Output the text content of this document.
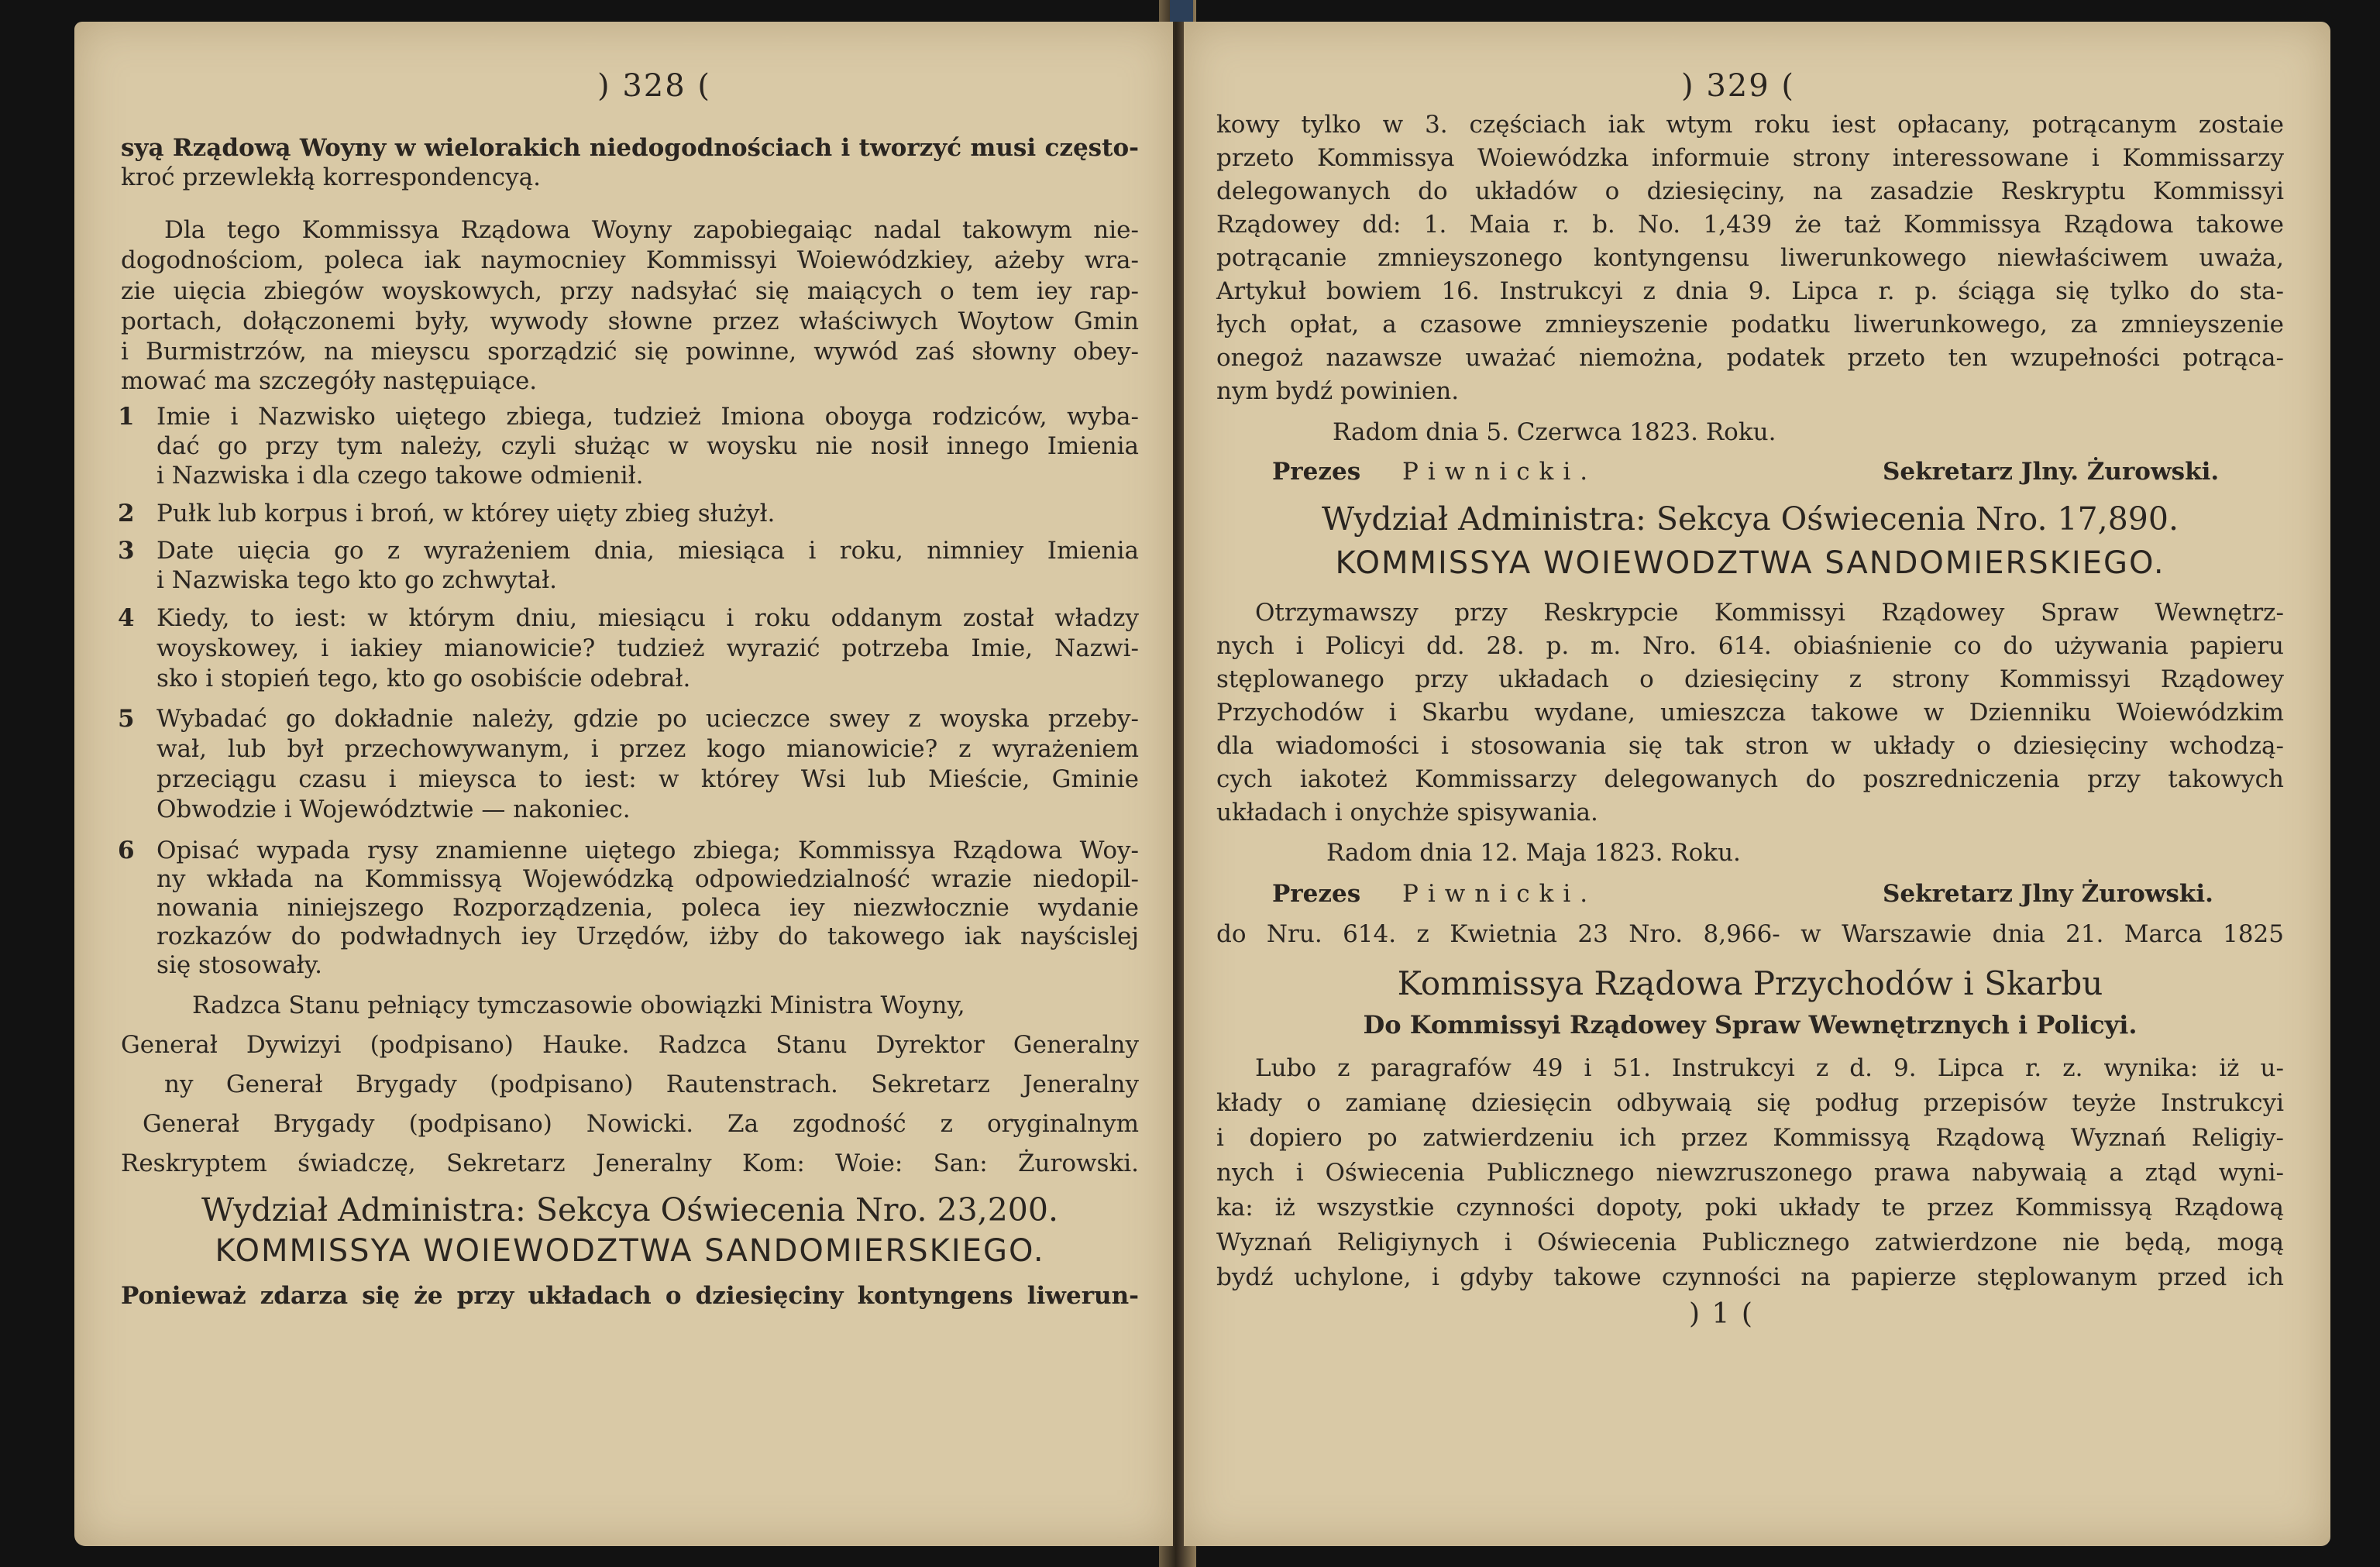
) 328 (
syą Rządową Woyny w wielorakich niedogodnościach i tworzyć musi często-
kroć przewlekłą korrespondencyą.
Dla tego Kommissya Rządowa Woyny zapobiegaiąc nadal takowym nie-
dogodnościom, poleca iak naymocniey Kommissyi Woiewódzkiey, ażeby wra-
zie uięcia zbiegów woyskowych, przy nadsyłać się maiących o tem iey rap-
portach, dołączonemi były, wywody słowne przez właściwych Woytow Gmin
i Burmistrzów, na mieyscu sporządzić się powinne, wywód zaś słowny obey-
mować ma szczegóły następuiące.
1 Imie i Nazwisko uiętego zbiega, tudzież Imiona oboyga rodziców, wyba-
dać go przy tym należy, czyli służąc w woysku nie nosił innego Imienia
i Nazwiska i dla czego takowe odmienił.
2 Pułk lub korpus i broń, w którey uięty zbieg służył.
3 Date uięcia go z wyrażeniem dnia, miesiąca i roku, nimniey Imienia
i Nazwiska tego kto go zchwytał.
4 Kiedy, to iest: w którym dniu, miesiącu i roku oddanym został władzy
woyskowey, i iakiey mianowicie? tudzież wyrazić potrzeba Imie, Nazwi-
sko i stopień tego, kto go osobiście odebrał.
5 Wybadać go dokładnie należy, gdzie po ucieczce swey z woyska przeby-
wał, lub był przechowywanym, i przez kogo mianowicie? z wyrażeniem
przeciągu czasu i mieysca to iest: w którey Wsi lub Mieście, Gminie
Obwodzie i Województwie — nakoniec.
6 Opisać wypada rysy znamienne uiętego zbiega; Kommissya Rządowa Woy-
ny wkłada na Kommissyą Wojewódzką odpowiedzialność wrazie niedopil-
nowania niniejszego Rozporządzenia, poleca iey niezwłocznie wydanie
rozkazów do podwładnych iey Urzędów, iżby do takowego iak nayścislej
się stosowały.
Radzca Stanu pełniący tymczasowie obowiązki Ministra Woyny,
Generał Dywizyi (podpisano) Hauke. Radzca Stanu Dyrektor Generalny
ny Generał Brygady (podpisano) Rautenstrach. Sekretarz Jeneralny
Generał Brygady (podpisano) Nowicki. Za zgodność z oryginalnym
Reskryptem świadczę, Sekretarz Jeneralny Kom: Woie: San: Żurowski.
Wydział Administra: Sekcya Oświecenia Nro. 23,200.
KOMMISSYA WOIEWODZTWA SANDOMIERSKIEGO.
Ponieważ zdarza się że przy układach o dziesięciny kontyngens liwerun-
) 329 (
kowy tylko w 3. częściach iak wtym roku iest opłacany, potrącanym zostaie
przeto Kommissya Woiewódzka informuie strony interessowane i Kommissarzy
delegowanych do układów o dziesięciny, na zasadzie Reskryptu Kommissyi
Rządowey dd: 1. Maia r. b. No. 1,439 że taż Kommissya Rządowa takowe
potrącanie zmnieyszonego kontyngensu liwerunkowego niewłaściwem uważa,
Artykuł bowiem 16. Instrukcyi z dnia 9. Lipca r. p. ściąga się tylko do sta-
łych opłat, a czasowe zmnieyszenie podatku liwerunkowego, za zmnieyszenie
onegoż nazawsze uważać niemożna, podatek przeto ten wzupełności potrąca-
nym bydź powinien.
Radom dnia 5. Czerwca 1823. Roku.
Prezes Piwnicki.	Sekretarz Jlny. Żurowski.
Wydział Administra: Sekcya Oświecenia Nro. 17,890.
KOMMISSYA WOIEWODZTWA SANDOMIERSKIEGO.
Otrzymawszy przy Reskrypcie Kommissyi Rządowey Spraw Wewnętrz-
nych i Policyi dd. 28. p. m. Nro. 614. obiaśnienie co do używania papieru
stęplowanego przy układach o dziesięciny z strony Kommissyi Rządowey
Przychodów i Skarbu wydane, umieszcza takowe w Dzienniku Woiewódzkim
dla wiadomości i stosowania się tak stron w układy o dziesięciny wchodzą-
cych iakoteż Kommissarzy delegowanych do poszredniczenia przy takowych
układach i onychże spisywania.
Radom dnia 12. Maja 1823. Roku.
Prezes Piwnicki.	Sekretarz Jlny Żurowski.
do Nru. 614. z Kwietnia 23 Nro. 8,966- w Warszawie dnia 21. Marca 1825
Kommissya Rządowa Przychodów i Skarbu
Do Kommissyi Rządowey Spraw Wewnętrznych i Policyi.
Lubo z paragrafów 49 i 51. Instrukcyi z d. 9. Lipca r. z. wynika: iż u-
kłady o zamianę dziesięcin odbywaią się podług przepisów teyże Instrukcyi
i dopiero po zatwierdzeniu ich przez Kommissyą Rządową Wyznań Religiy-
nych i Oświecenia Publicznego niewzruszonego prawa nabywaią a ztąd wyni-
ka: iż wszystkie czynności dopoty, poki układy te przez Kommissyą Rządową
Wyznań Religiynych i Oświecenia Publicznego zatwierdzone nie będą, mogą
bydź uchylone, i gdyby takowe czynności na papierze stęplowanym przed ich
) 1 (
